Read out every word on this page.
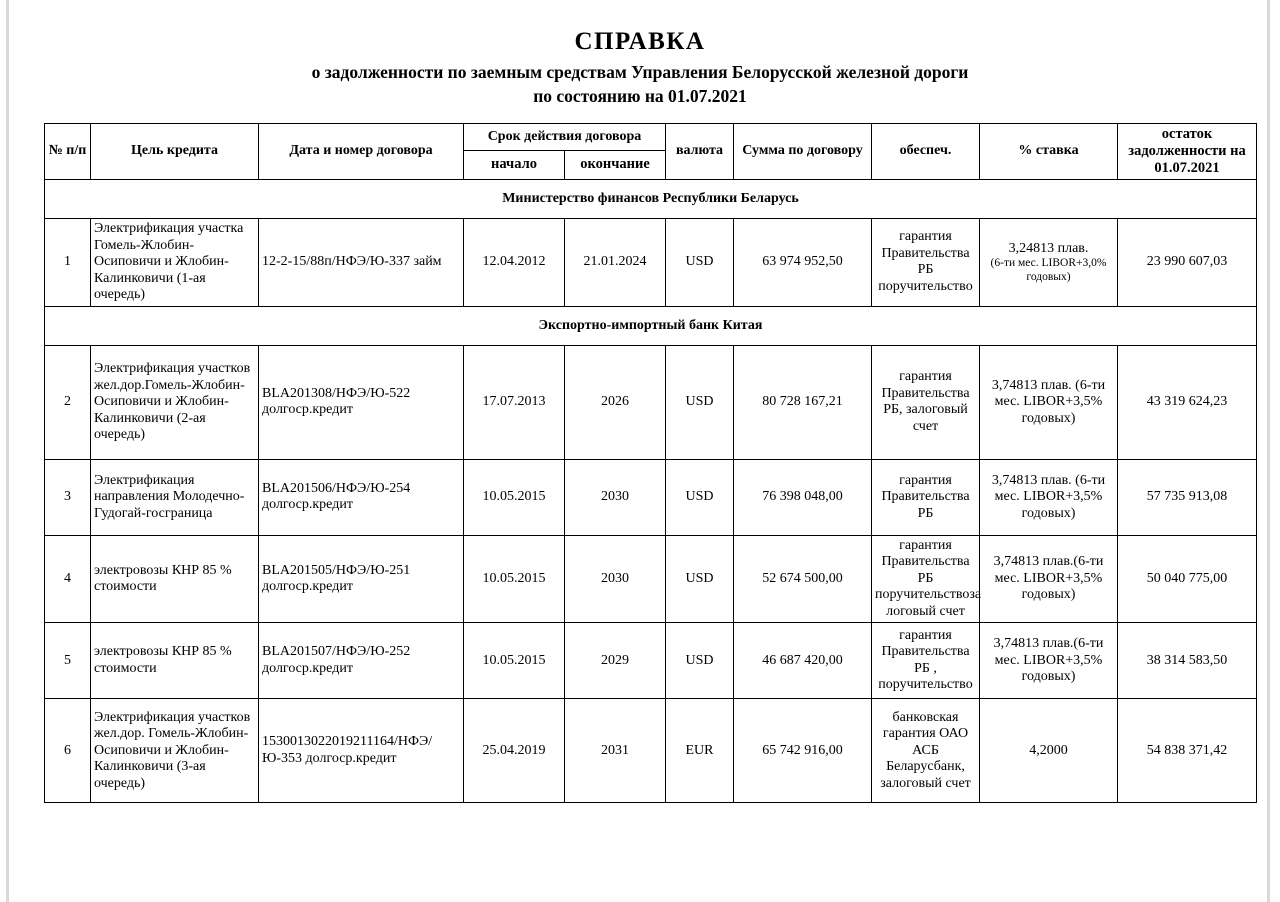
СПРАВКА
о задолженности по заемным средствам Управления Белорусской железной дороги
по состоянию на 01.07.2021
№ п/п	Цель кредита	Дата и номер договора	Срок действия договора		валюта	Сумма по договору	обеспеч.	% ставка	остаток
задолженности на
01.07.2021

			начало	окончание					
Министерство финансов Республики Беларусь									
1	Электрификация участка Гомель-Жлобин-Осиповичи и Жлобин-Калинковичи (1-ая очередь)	12-2-15/88п/НФЭ/Ю-337 займ	12.04.2012	21.01.2024	USD	63 974 952,50	гарантия Правительства РБ поручительство	3,24813 плав.
(6-ти мес. LIBOR+3,0% годовых)	23 990 607,03
Экспортно-импортный банк Китая									
2	Электрификация участков жел.дор.Гомель-Жлобин-Осиповичи и Жлобин-Калинковичи (2-ая очередь)	BLA201308/НФЭ/Ю-522 долгоср.кредит	17.07.2013	2026	USD	80 728 167,21	гарантия Правительства РБ, залоговый счет	3,74813 плав. (6-ти мес. LIBOR+3,5% годовых)	43 319 624,23
3	Электрификация направления Молодечно-Гудогай-госграница	BLA201506/НФЭ/Ю-254 долгоср.кредит	10.05.2015	2030	USD	76 398 048,00	гарантия Правительства РБ	3,74813 плав. (6-ти мес. LIBOR+3,5% годовых)	57 735 913,08
4	электровозы КНР 85 % стоимости	BLA201505/НФЭ/Ю-251 долгоср.кредит	10.05.2015	2030	USD	52 674 500,00	гарантия Правительства РБ поручительствоза логовый счет	3,74813 плав.(6-ти мес. LIBOR+3,5% годовых)	50 040 775,00
5	электровозы КНР 85 % стоимости	BLA201507/НФЭ/Ю-252 долгоср.кредит	10.05.2015	2029	USD	46 687 420,00	гарантия Правительства РБ , поручительство	3,74813 плав.(6-ти мес. LIBOR+3,5% годовых)	38 314 583,50
6	Электрификация участков жел.дор. Гомель-Жлобин-Осиповичи и Жлобин-Калинковичи (3-ая очередь)	1530013022019211164/НФЭ/Ю-353 долгоср.кредит	25.04.2019	2031	EUR	65 742 916,00	банковская гарантия ОАО АСБ Беларусбанк, залоговый счет	4,2000	54 838 371,42
